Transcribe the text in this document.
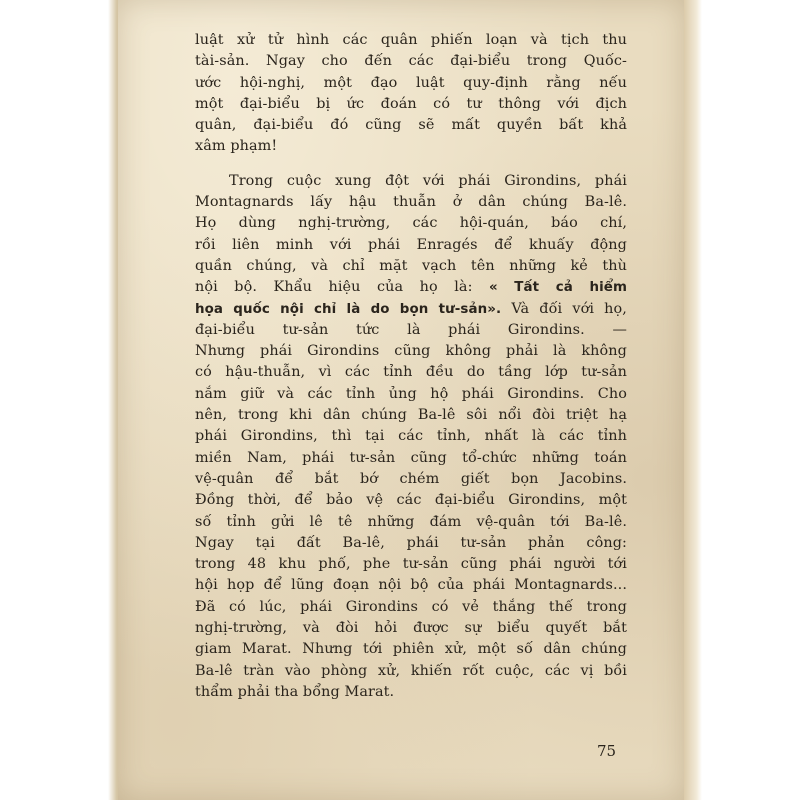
luật xử tử hình các quân phiến loạn và tịch thu
tài-sản. Ngay cho đến các đại-biểu trong Quốc-
ước hội-nghị, một đạo luật quy-định rằng nếu
một đại-biểu bị ức đoán có tư thông với địch
quân, đại-biểu đó cũng sẽ mất quyền bất khả
xâm phạm!
Trong cuộc xung đột với phái Girondins, phái
Montagnards lấy hậu thuẫn ở dân chúng Ba-lê.
Họ dùng nghị-trường, các hội-quán, báo chí,
rồi liên minh với phái Enragés để khuấy động
quần chúng, và chỉ mặt vạch tên những kẻ thù
nội bộ. Khẩu hiệu của họ là: « Tất cả hiểm
họa quốc nội chỉ là do bọn tư-sản». Và đối với họ,
đại-biểu tư-sản tức là phái Girondins. —
Nhưng phái Girondins cũng không phải là không
có hậu-thuẫn, vì các tỉnh đều do tầng lớp tư-sản
nắm giữ và các tỉnh ủng hộ phái Girondins. Cho
nên, trong khi dân chúng Ba-lê sôi nổi đòi triệt hạ
phái Girondins, thì tại các tỉnh, nhất là các tỉnh
miền Nam, phái tư-sản cũng tổ-chức những toán
vệ-quân để bắt bớ chém giết bọn Jacobins.
Đồng thời, để bảo vệ các đại-biểu Girondins, một
số tỉnh gửi lê tê những đám vệ-quân tới Ba-lê.
Ngay tại đất Ba-lê, phái tư-sản phản công:
trong 48 khu phố, phe tư-sản cũng phái người tới
hội họp để lũng đoạn nội bộ của phái Montagnards...
Đã có lúc, phái Girondins có vẻ thắng thế trong
nghị-trường, và đòi hỏi được sự biểu quyết bắt
giam Marat. Nhưng tới phiên xử, một số dân chúng
Ba-lê tràn vào phòng xử, khiến rốt cuộc, các vị bồi
thẩm phải tha bổng Marat.
75
